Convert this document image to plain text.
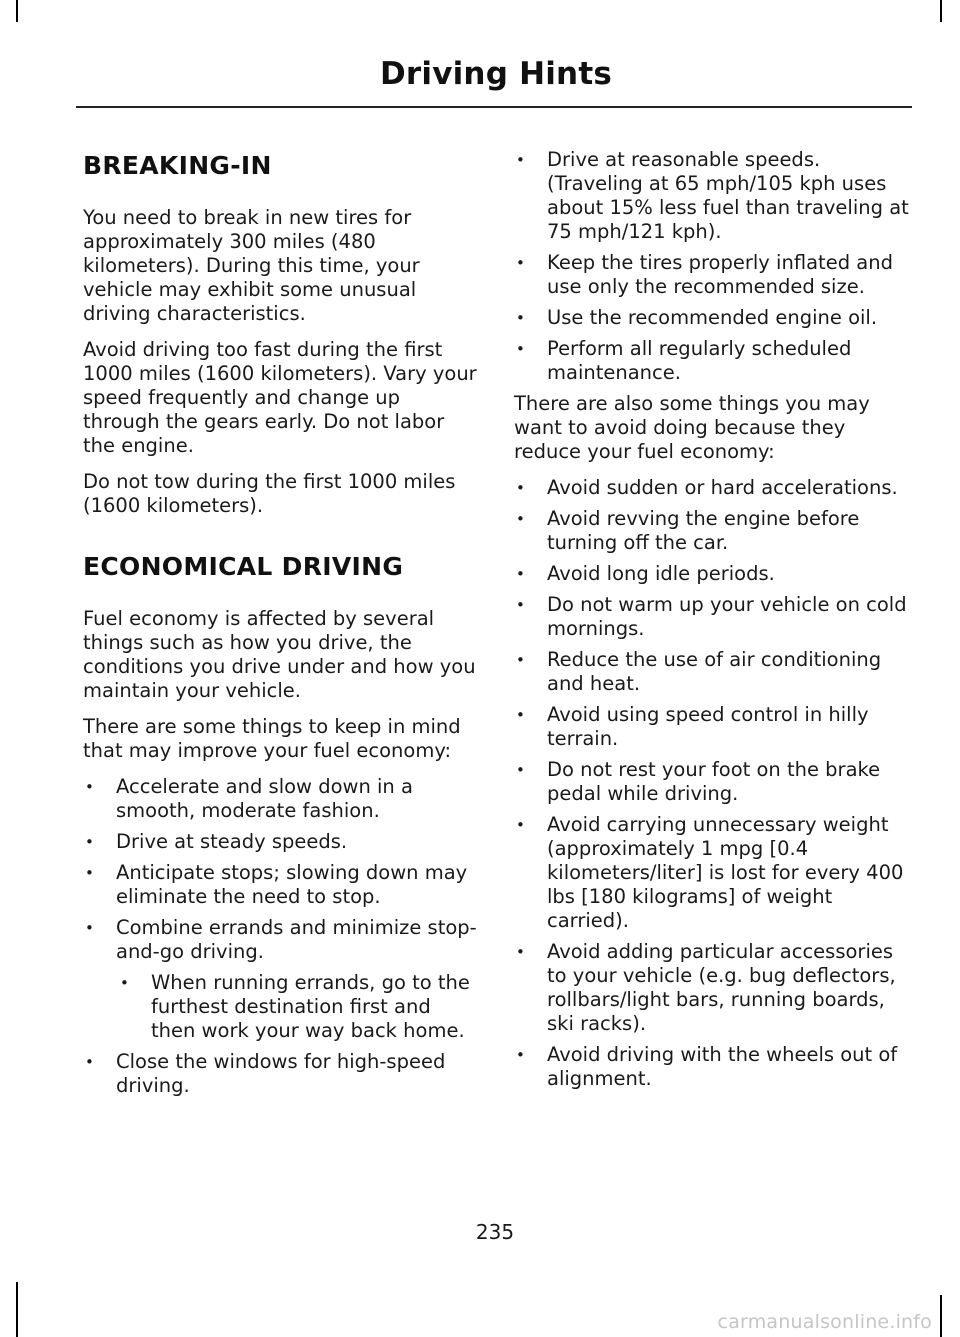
Driving Hints
BREAKING-IN

You need to break in new tires for approximately 300 miles (480 kilometers). During this time, your vehicle may exhibit some unusual driving characteristics.

Avoid driving too fast during the first 1000 miles (1600 kilometers). Vary your speed frequently and change up through the gears early. Do not labor the engine.

Do not tow during the first 1000 miles (1600 kilometers).

ECONOMICAL DRIVING

Fuel economy is affected by several things such as how you drive, the conditions you drive under and how you maintain your vehicle.

There are some things to keep in mind that may improve your fuel economy:

• Accelerate and slow down in a smooth, moderate fashion.
• Drive at steady speeds.
• Anticipate stops; slowing down may eliminate the need to stop.
• Combine errands and minimize stop-and-go driving.
• When running errands, go to the furthest destination first and then work your way back home.
• Close the windows for high-speed driving.
• Drive at reasonable speeds. (Traveling at 65 mph/105 kph uses about 15% less fuel than traveling at 75 mph/121 kph).
• Keep the tires properly inflated and use only the recommended size.
• Use the recommended engine oil.
• Perform all regularly scheduled maintenance.

There are also some things you may want to avoid doing because they reduce your fuel economy:

• Avoid sudden or hard accelerations.
• Avoid revving the engine before turning off the car.
• Avoid long idle periods.
• Do not warm up your vehicle on cold mornings.
• Reduce the use of air conditioning and heat.
• Avoid using speed control in hilly terrain.
• Do not rest your foot on the brake pedal while driving.
• Avoid carrying unnecessary weight (approximately 1 mpg [0.4 kilometers/liter] is lost for every 400 lbs [180 kilograms] of weight carried).
• Avoid adding particular accessories to your vehicle (e.g. bug deflectors, rollbars/light bars, running boards, ski racks).
• Avoid driving with the wheels out of alignment.
235
carmanualsonline.info
